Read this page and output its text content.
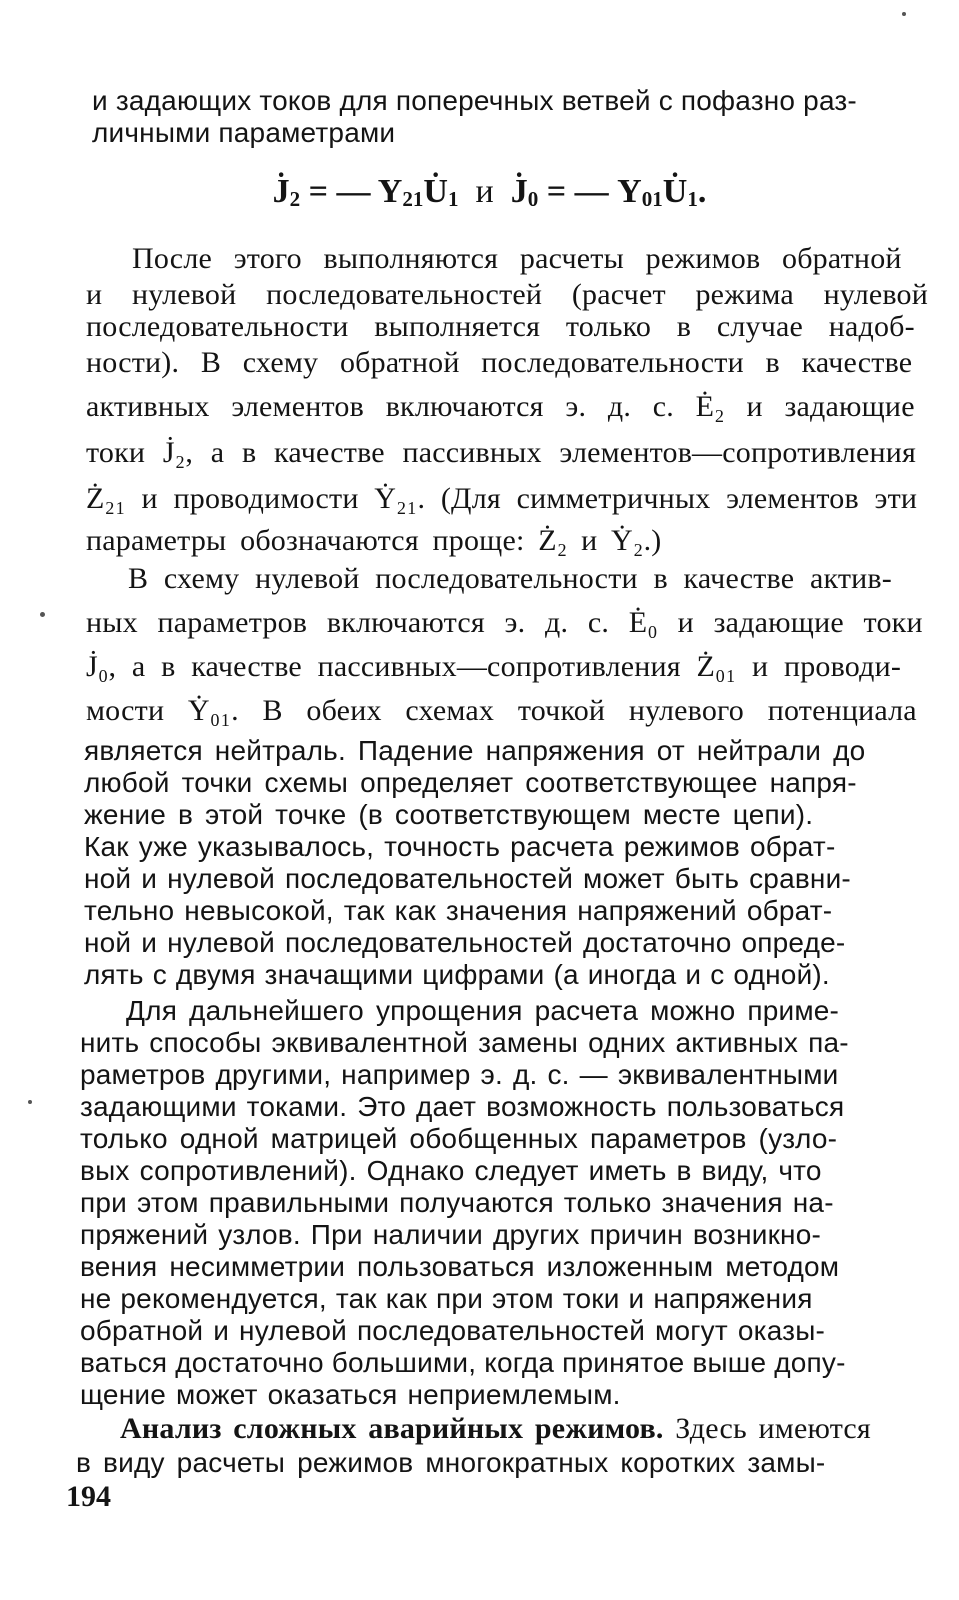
и задающих токов для поперечных ветвей с пофазно раз-
личными параметрами
· $J_2$ = — $Y_{21}\cdot U_1$ $и \cdot J_0$ = — $Y_{01}\cdot U_1$.
После этого выполняются расчеты режимов обратной
и нулевой последовательностей (расчет режима нулевой
последовательности выполняется только в случае надоб-
ности). В схему обратной последовательности в качестве
активных элементов включаются э. д. с. Ė₂ и задающие
токи J̇₂, а в качестве пассивных элементов—сопротивления
Ż₂₁ и проводимости Ẏ₂₁. (Для симметричных элементов эти
параметры обозначаются проще: Ż₂ и Ẏ₂.)
В схему нулевой последовательности в качестве актив-
ных параметров включаются э. д. с. Ė₀ и задающие токи
J̇₀, а в качестве пассивных—сопротивления Ż₀₁ и проводи-
мости Ẏ₀₁. В обеих схемах точкой нулевого потенциала
является нейтраль. Падение напряжения от нейтрали до
любой точки схемы определяет соответствующее напря-
жение в этой точке (в соответствующем месте цепи).
Как уже указывалось, точность расчета режимов обрат-
ной и нулевой последовательностей может быть сравни-
тельно невысокой, так как значения напряжений обрат-
ной и нулевой последовательностей достаточно опреде-
лять с двумя значащими цифрами (а иногда и с одной).
Для дальнейшего упрощения расчета можно приме-
нить способы эквивалентной замены одних активных па-
раметров другими, например э. д. с. — эквивалентными
задающими токами. Это дает возможность пользоваться
только одной матрицей обобщенных параметров (узло-
вых сопротивлений). Однако следует иметь в виду, что
при этом правильными получаются только значения на-
пряжений узлов. При наличии других причин возникно-
вения несимметрии пользоваться изложенным методом
не рекомендуется, так как при этом токи и напряжения
обратной и нулевой последовательностей могут оказы-
ваться достаточно большими, когда принятое выше допу-
щение может оказаться неприемлемым.
Анализ сложных аварийных режимов. Здесь имеются
в виду расчеты режимов многократных коротких замы-
194
